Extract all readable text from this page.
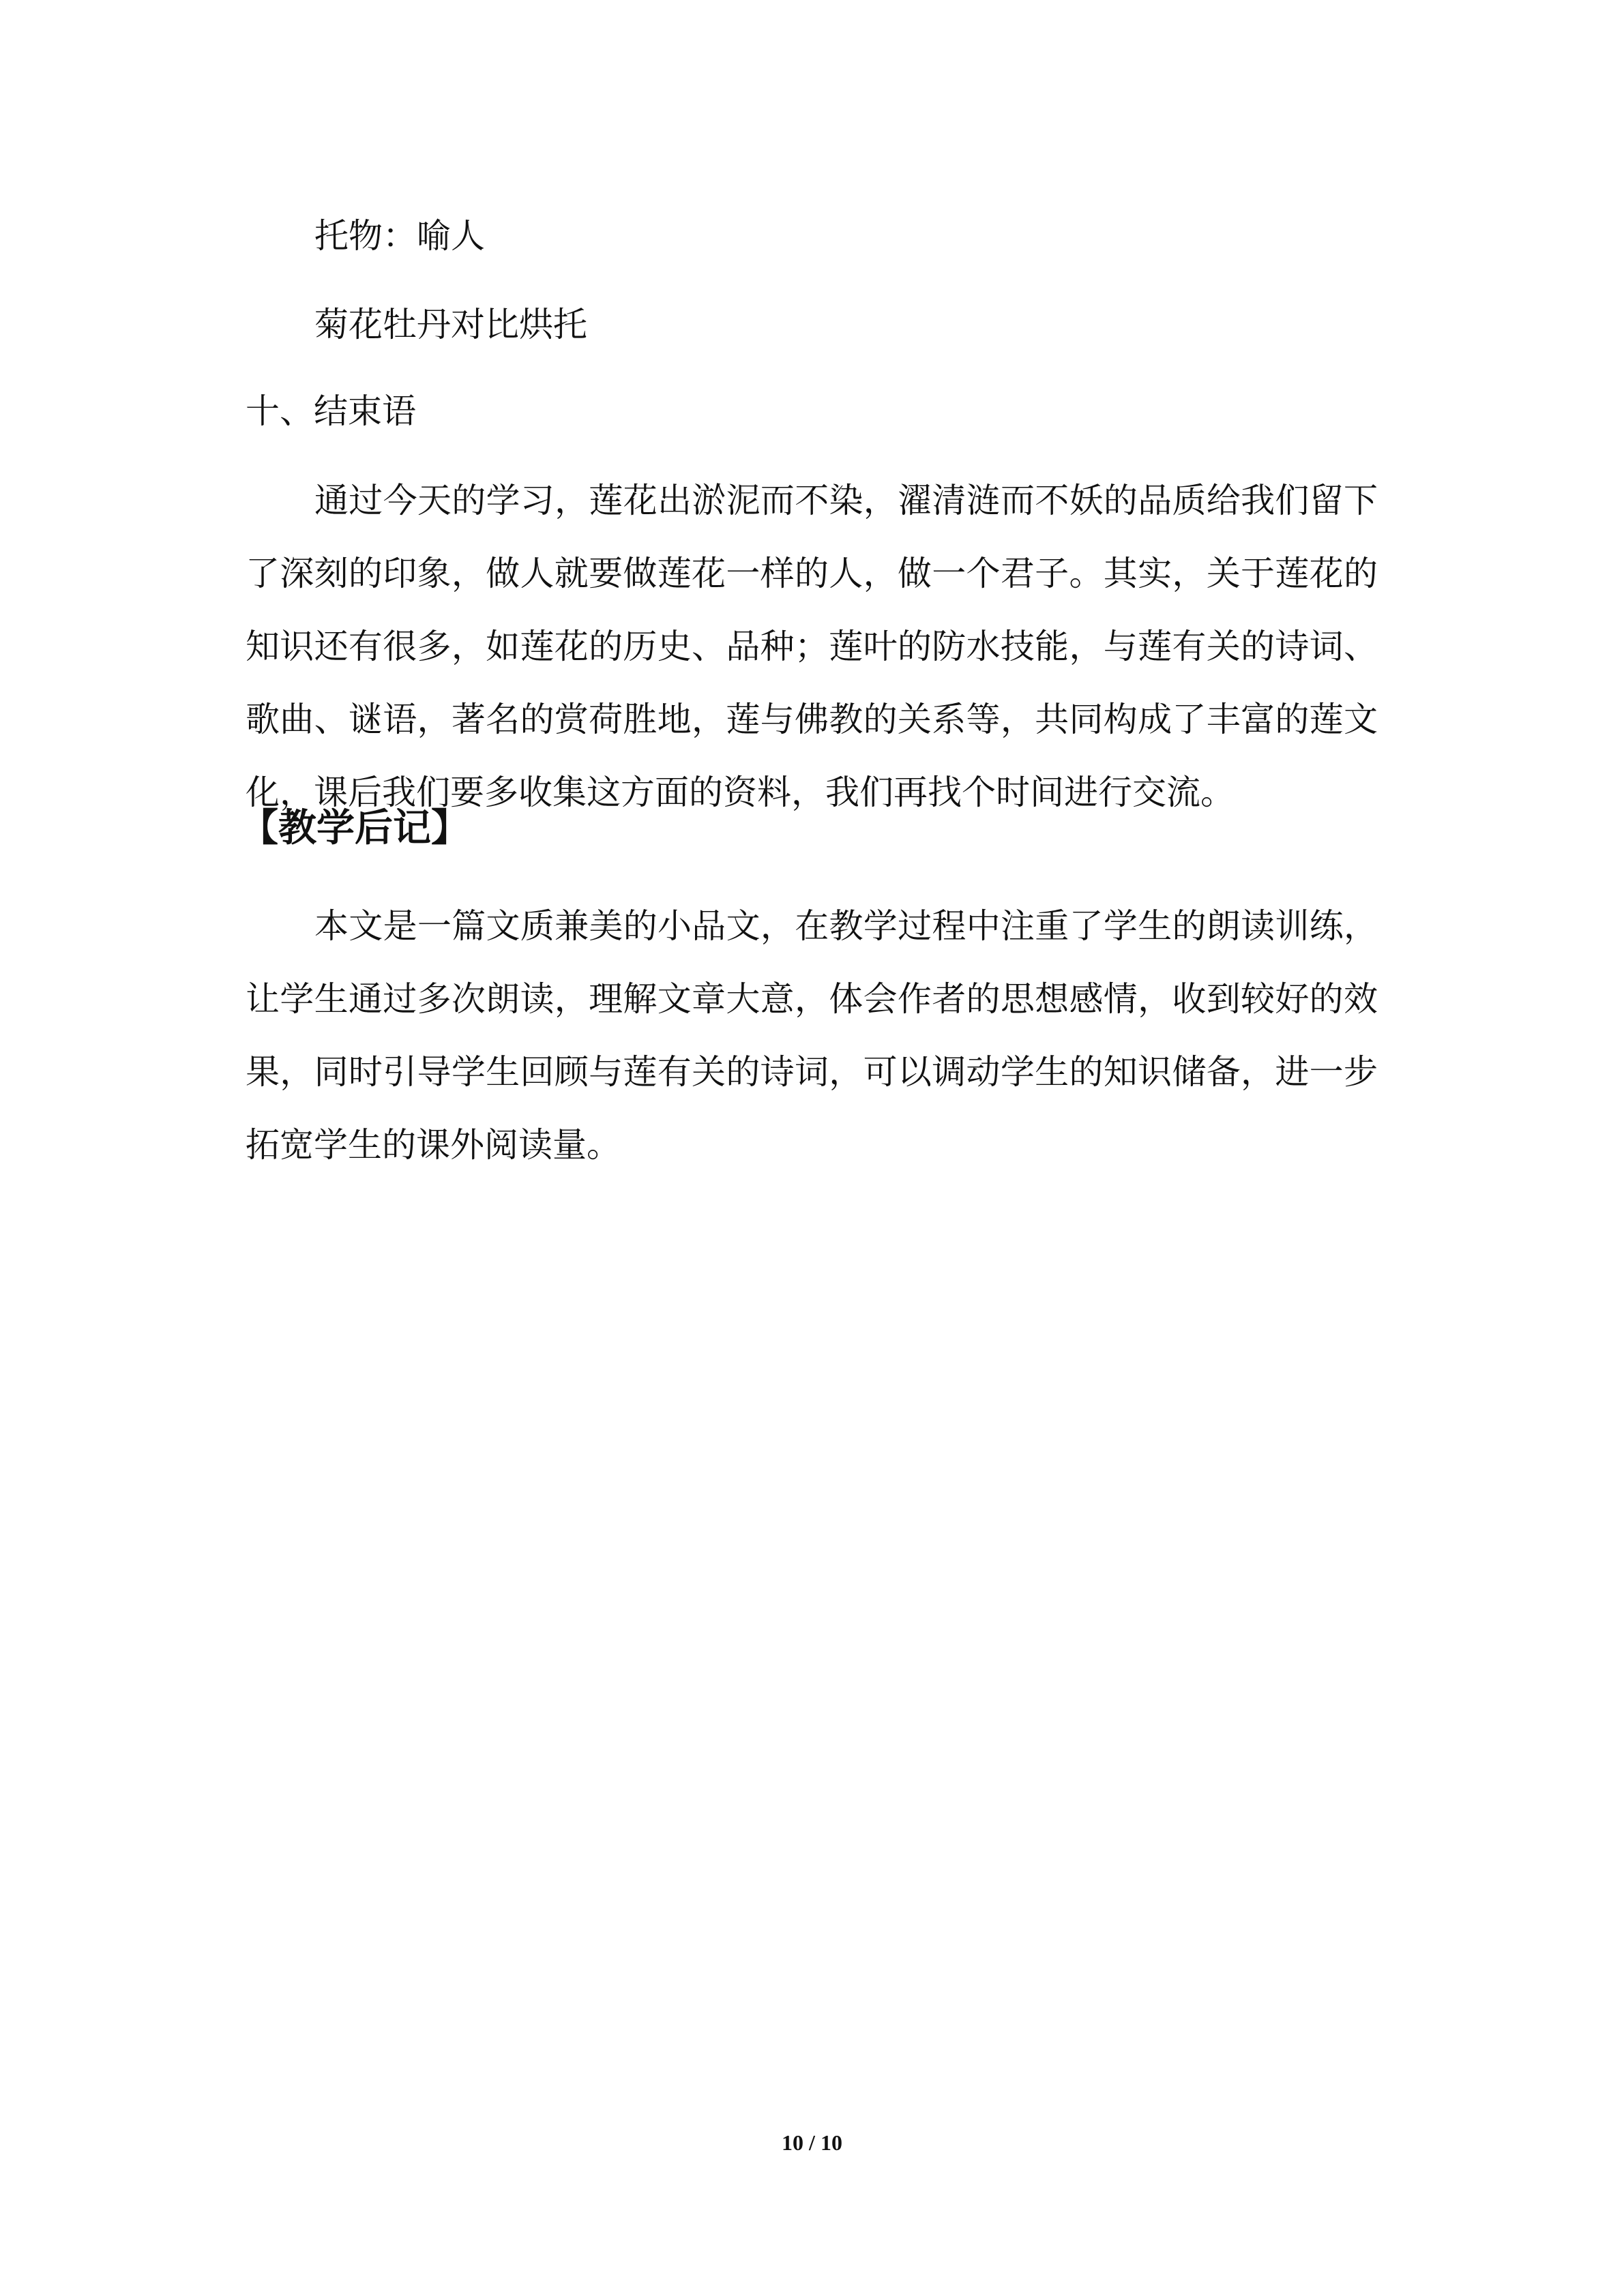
托物：喻人
菊花牡丹对比烘托
十、结束语

通过今天的学习，莲花出淤泥而不染，濯清涟而不妖的品质给我们留下了深刻的印象，做人就要做莲花一样的人，做一个君子。其实，关于莲花的知识还有很多，如莲花的历史、品种；莲叶的防水技能，与莲有关的诗词、歌曲、谜语，著名的赏荷胜地，莲与佛教的关系等，共同构成了丰富的莲文化，课后我们要多收集这方面的资料，我们再找个时间进行交流。

【教学后记】

本文是一篇文质兼美的小品文，在教学过程中注重了学生的朗读训练，让学生通过多次朗读，理解文章大意，体会作者的思想感情，收到较好的效果，同时引导学生回顾与莲有关的诗词，可以调动学生的知识储备，进一步拓宽学生的课外阅读量。

10 / 10
